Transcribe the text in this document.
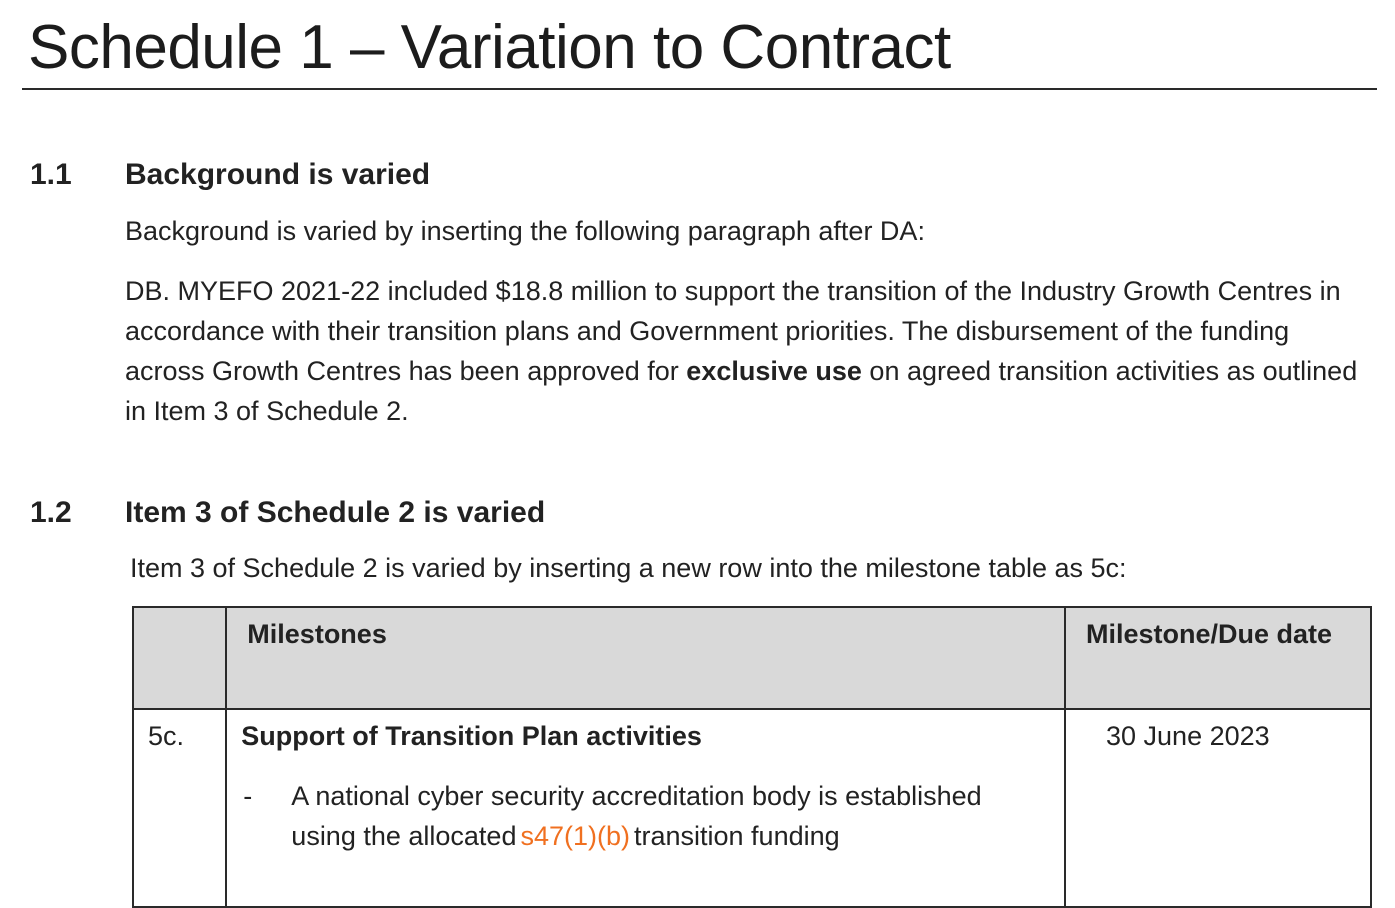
Schedule 1 – Variation to Contract
1.1 Background is varied
Background is varied by inserting the following paragraph after DA:
DB. MYEFO 2021-22 included $18.8 million to support the transition of the Industry Growth Centres in accordance with their transition plans and Government priorities. The disbursement of the funding across Growth Centres has been approved for exclusive use on agreed transition activities as outlined in Item 3 of Schedule 2.
1.2 Item 3 of Schedule 2 is varied
Item 3 of Schedule 2 is varied by inserting a new row into the milestone table as 5c:

	Milestones	Milestone/Due date

5c.	Support of Transition Plan activities
- A national cyber security accreditation body is established using the allocated s47(1)(b) transition funding	30 June 2023
